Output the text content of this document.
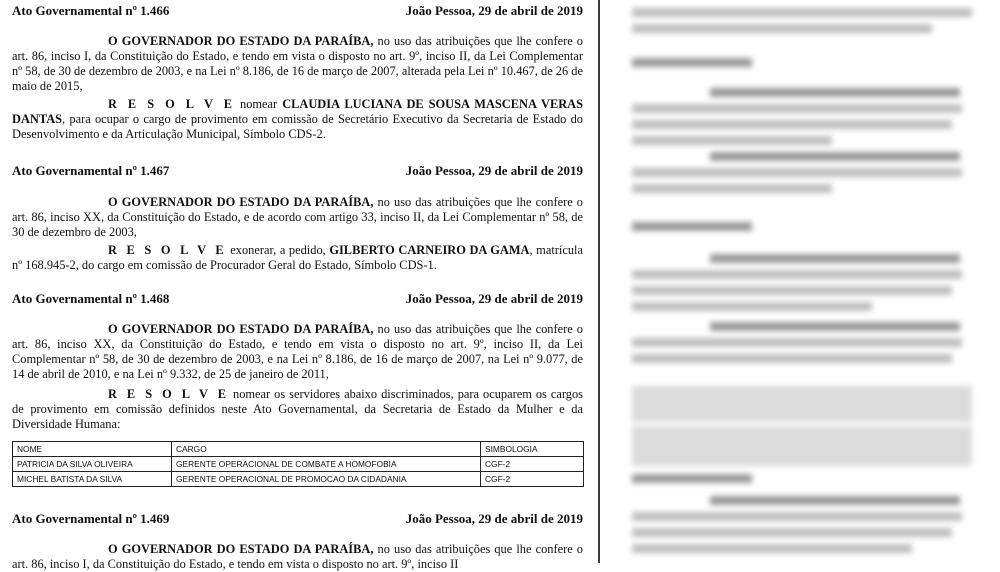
Ato Governamental nº 1.466	João Pessoa, 29 de abril de 2019

O GOVERNADOR DO ESTADO DA PARAÍBA, no uso das atribuições que lhe confere o art. 86, inciso I, da Constituição do Estado, e tendo em vista o disposto no art. 9º, inciso II, da Lei Complementar nº 58, de 30 de dezembro de 2003, e na Lei nº 8.186, de 16 de março de 2007, alterada pela Lei nº 10.467, de 26 de maio de 2015,

R E S O L V E nomear CLAUDIA LUCIANA DE SOUSA MASCENA VERAS DANTAS, para ocupar o cargo de provimento em comissão de Secretário Executivo da Secretaria de Estado do Desenvolvimento e da Articulação Municipal, Símbolo CDS-2.

Ato Governamental nº 1.467	João Pessoa, 29 de abril de 2019

O GOVERNADOR DO ESTADO DA PARAÍBA, no uso das atribuições que lhe confere o art. 86, inciso XX, da Constituição do Estado, e de acordo com artigo 33, inciso II, da Lei Complementar nº 58, de 30 de dezembro de 2003,

R E S O L V E exonerar, a pedido, GILBERTO CARNEIRO DA GAMA, matrícula nº 168.945-2, do cargo em comissão de Procurador Geral do Estado, Símbolo CDS-1.

Ato Governamental nº 1.468	João Pessoa, 29 de abril de 2019

O GOVERNADOR DO ESTADO DA PARAÍBA, no uso das atribuições que lhe confere o art. 86, inciso XX, da Constituição do Estado, e tendo em vista o disposto no art. 9º, inciso II, da Lei Complementar nº 58, de 30 de dezembro de 2003, e na Lei nº 8.186, de 16 de março de 2007, na Lei nº 9.077, de 14 de abril de 2010, e na Lei nº 9.332, de 25 de janeiro de 2011,

R E S O L V E nomear os servidores abaixo discriminados, para ocuparem os cargos de provimento em comissão definidos neste Ato Governamental, da Secretaria de Estado da Mulher e da Diversidade Humana:

NOME	CARGO	SIMBOLOGIA
PATRICIA DA SILVA OLIVEIRA	GERENTE OPERACIONAL DE COMBATE A HOMOFOBIA	CGF-2
MICHEL BATISTA DA SILVA	GERENTE OPERACIONAL DE PROMOCAO DA CIDADANIA	CGF-2
Ato Governamental nº 1.469	João Pessoa, 29 de abril de 2019

O GOVERNADOR DO ESTADO DA PARAÍBA, no uso das atribuições que lhe confere o art. 86, inciso I, da Constituição do Estado, e tendo em vista o disposto no art. 9º, inciso II
